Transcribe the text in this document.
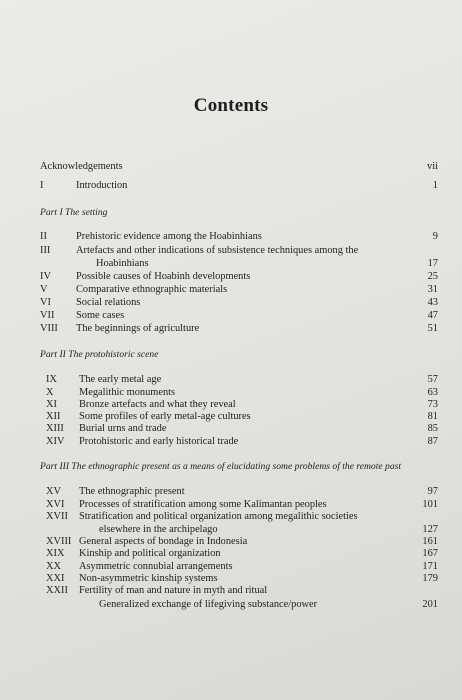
Contents
Acknowledgements	vii
I	Introduction	1
Part I The setting
II	Prehistoric evidence among the Hoabinhians	9
III Artefacts and other indications of subsistence techniques among the
Hoabinhians	17
IV Possible causes of Hoabinh developments	25
V	Comparative ethnographic materials	31
VI Social relations	43
VII Some cases	47
VIII The beginnings of agriculture	51
Part II The protohistoric scene
IX The early metal age	57
X Megalithic monuments	63
XI Bronze artefacts and what they reveal	73
XII Some profiles of early metal-age cultures	81
XIII Burial urns and trade	85
XIV Protohistoric and early historical trade	87
Part III The ethnographic present as a means of elucidating some problems of the remote past
XV The ethnographic present	97
XVI Processes of stratification among some Kalimantan peoples	101
XVII Stratification and political organization among megalithic societies
elsewhere in the archipelago	127
XVIII General aspects of bondage in Indonesia	161
XIX Kinship and political organization	167
XX Asymmetric connubial arrangements	171
XXI Non-asymmetric kinship systems	179
XXII Fertility of man and nature in myth and ritual
Generalized exchange of lifegiving substance/power	201
